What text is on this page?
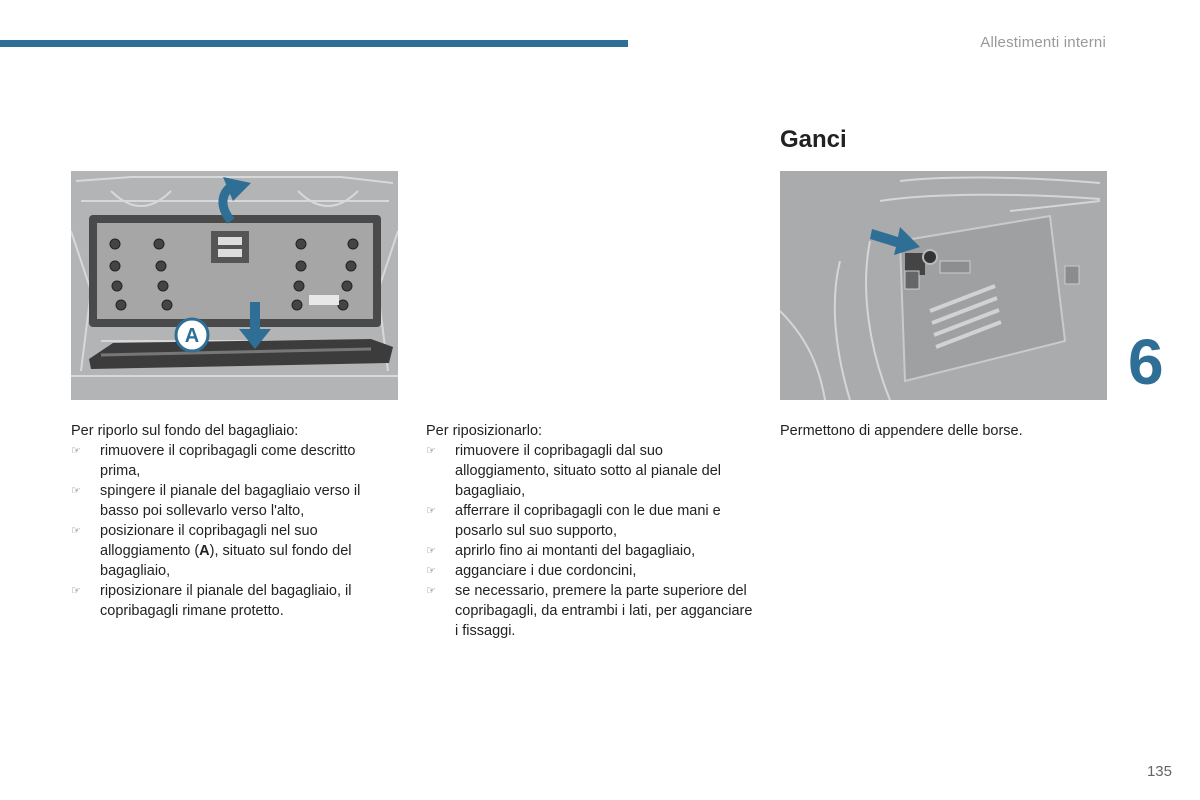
Allestimenti interni
Ganci
6
A

Per riporlo sul fondo del bagagliaio:

☞ rimuovere il copribagagli come descritto prima,
☞ spingere il pianale del bagagliaio verso il basso poi sollevarlo verso l'alto,
☞ posizionare il copribagagli nel suo alloggiamento (A), situato sul fondo del bagagliaio,
☞ riposizionare il pianale del bagagliaio, il copribagagli rimane protetto.

Per riposizionarlo:

☞ rimuovere il copribagagli dal suo alloggiamento, situato sotto al pianale del bagagliaio,
☞ afferrare il copribagagli con le due mani e posarlo sul suo supporto,
☞ aprirlo fino ai montanti del bagagliaio,
☞ agganciare i due cordoncini,
☞ se necessario, premere la parte superiore del copribagagli, da entrambi i lati, per agganciare i fissaggi.

Permettono di appendere delle borse.

135
